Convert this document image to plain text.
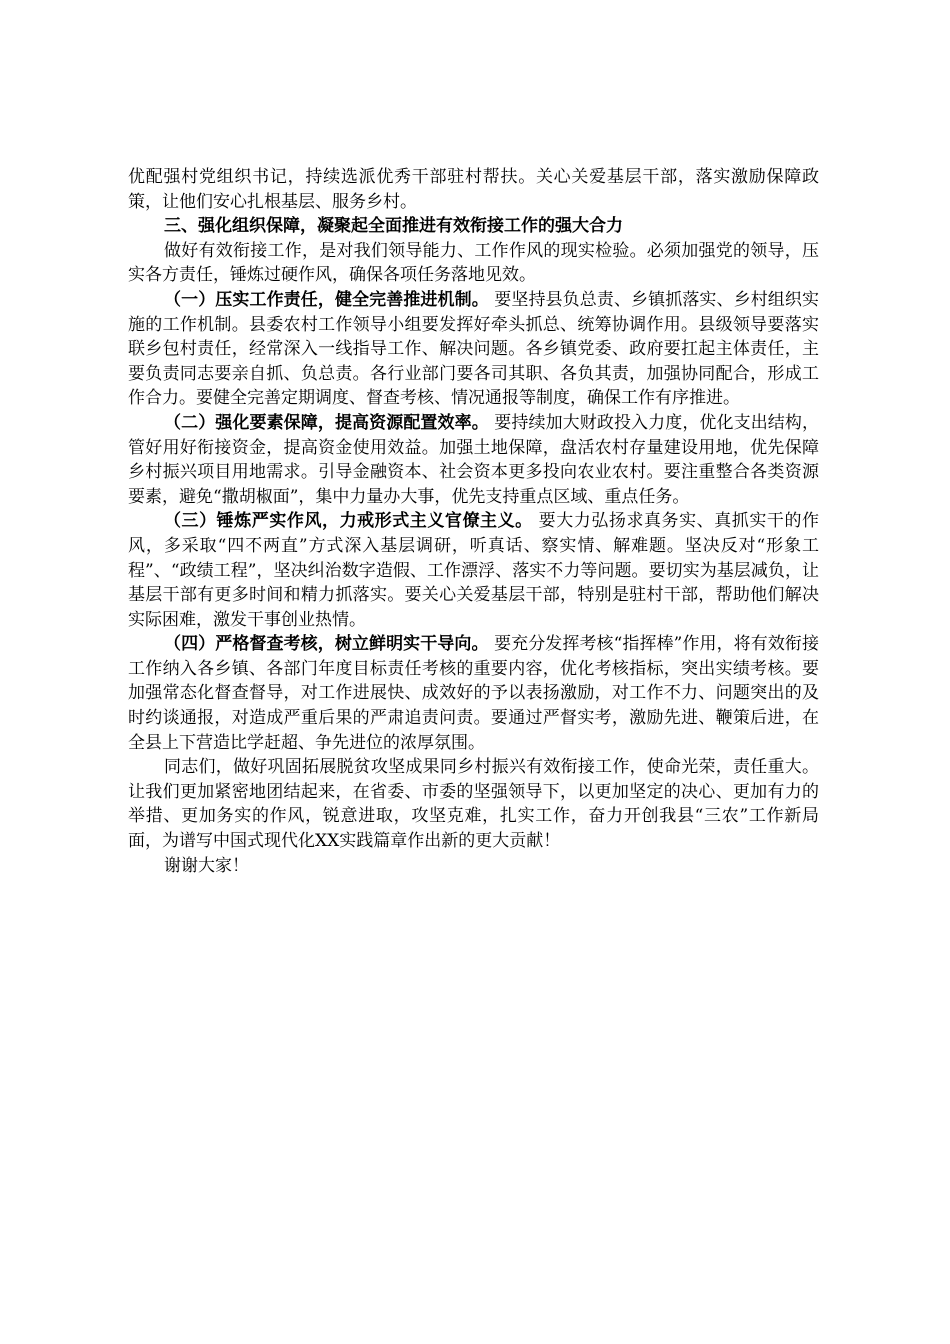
优配强村党组织书记，持续选派优秀干部驻村帮扶。关心关爱基层干部，落实激励保障政策，让他们安心扎根基层、服务乡村。

三、强化组织保障，凝聚起全面推进有效衔接工作的强大合力

做好有效衔接工作，是对我们领导能力、工作作风的现实检验。必须加强党的领导，压实各方责任，锤炼过硬作风，确保各项任务落地见效。

（一）压实工作责任，健全完善推进机制。 要坚持县负总责、乡镇抓落实、乡村组织实施的工作机制。县委农村工作领导小组要发挥好牵头抓总、统筹协调作用。县级领导要落实联乡包村责任，经常深入一线指导工作、解决问题。各乡镇党委、政府要扛起主体责任，主要负责同志要亲自抓、负总责。各行业部门要各司其职、各负其责，加强协同配合，形成工作合力。要健全完善定期调度、督查考核、情况通报等制度，确保工作有序推进。

（二）强化要素保障，提高资源配置效率。 要持续加大财政投入力度，优化支出结构，管好用好衔接资金，提高资金使用效益。加强土地保障，盘活农村存量建设用地，优先保障乡村振兴项目用地需求。引导金融资本、社会资本更多投向农业农村。要注重整合各类资源要素，避免“撒胡椒面”，集中力量办大事，优先支持重点区域、重点任务。

（三）锤炼严实作风，力戒形式主义官僚主义。 要大力弘扬求真务实、真抓实干的作风，多采取“四不两直”方式深入基层调研，听真话、察实情、解难题。坚决反对“形象工程”、“政绩工程”，坚决纠治数字造假、工作漂浮、落实不力等问题。要切实为基层减负，让基层干部有更多时间和精力抓落实。要关心关爱基层干部，特别是驻村干部，帮助他们解决实际困难，激发干事创业热情。

（四）严格督查考核，树立鲜明实干导向。 要充分发挥考核“指挥棒”作用，将有效衔接工作纳入各乡镇、各部门年度目标责任考核的重要内容，优化考核指标，突出实绩考核。要加强常态化督查督导，对工作进展快、成效好的予以表扬激励，对工作不力、问题突出的及时约谈通报，对造成严重后果的严肃追责问责。要通过严督实考，激励先进、鞭策后进，在全县上下营造比学赶超、争先进位的浓厚氛围。

同志们，做好巩固拓展脱贫攻坚成果同乡村振兴有效衔接工作，使命光荣，责任重大。让我们更加紧密地团结起来，在省委、市委的坚强领导下，以更加坚定的决心、更加有力的举措、更加务实的作风，锐意进取，攻坚克难，扎实工作，奋力开创我县“三农”工作新局面，为谱写中国式现代化XX实践篇章作出新的更大贡献！

谢谢大家！
